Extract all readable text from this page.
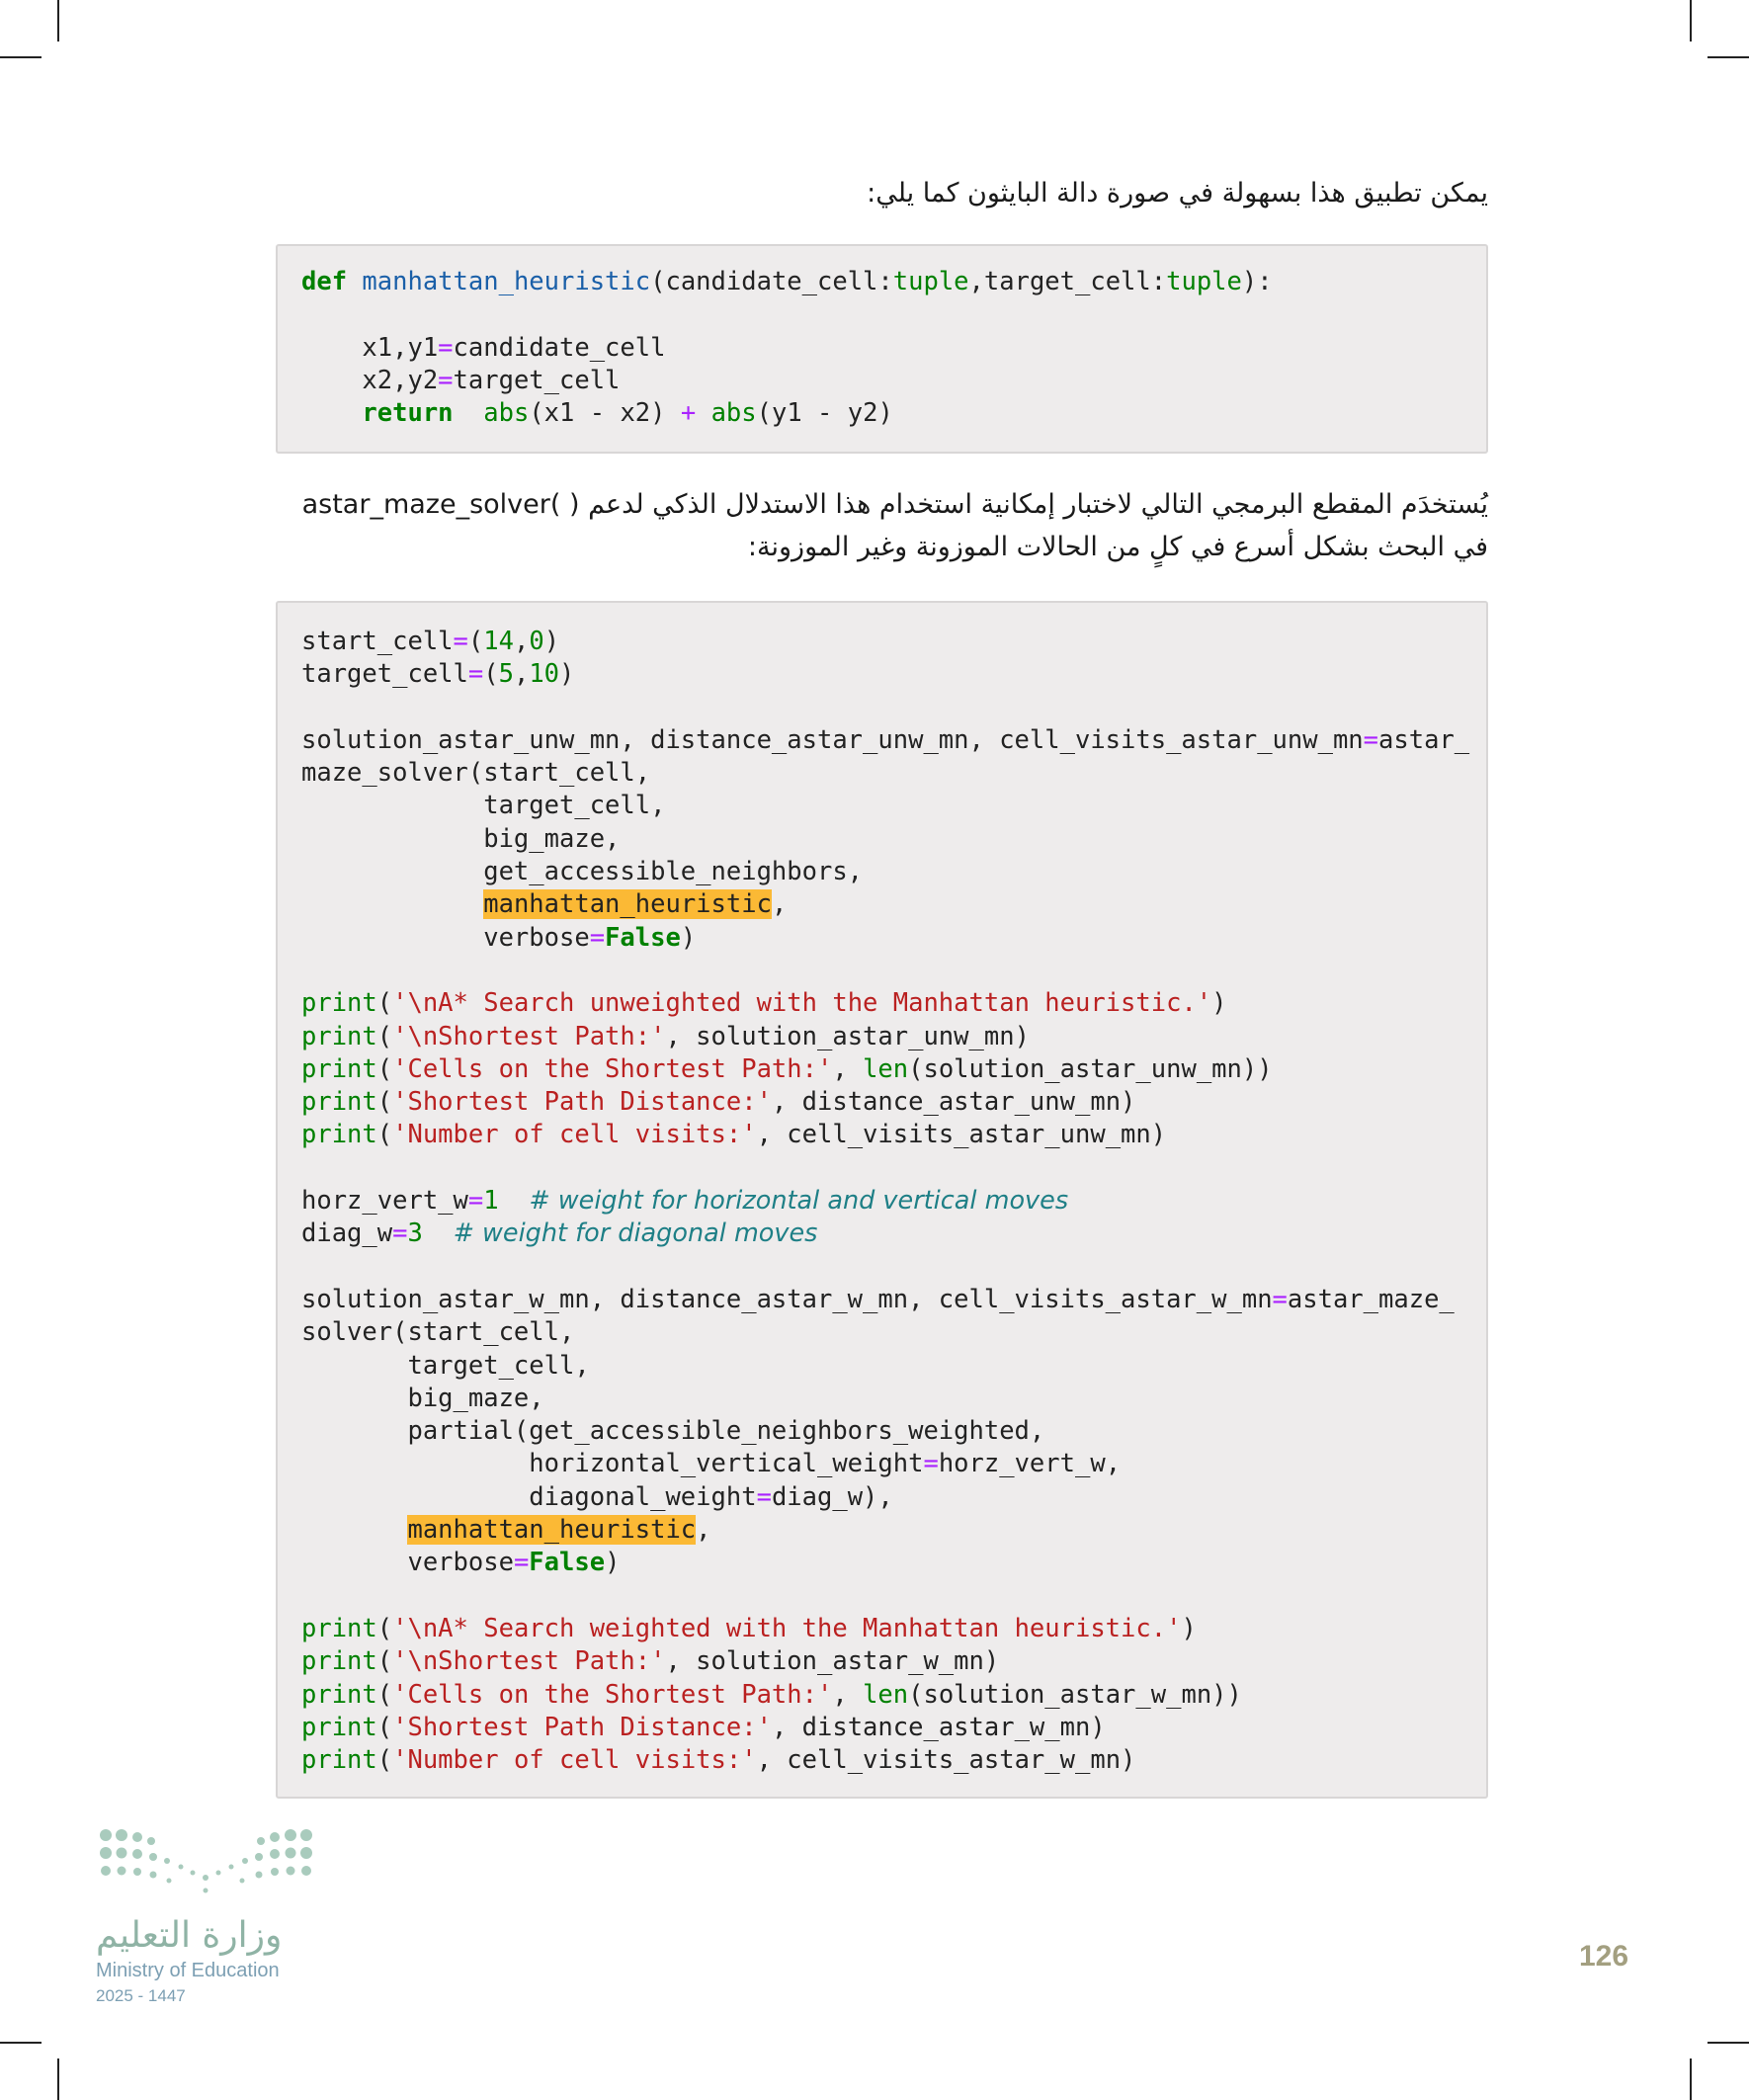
يمكن تطبيق هذا بسهولة في صورة دالة البايثون كما يلي:
def manhattan_heuristic(candidate_cell:tuple,target_cell:tuple):

x1,y1=candidate_cell
x2,y2=target_cell
return abs(x1 - x2) + abs(y1 - y2)
يُستخدَم المقطع البرمجي التالي لاختبار إمكانية استخدام هذا الاستدلال الذكي لدعم ( )astar_maze_solver
في البحث بشكل أسرع في كلٍ من الحالات الموزونة وغير الموزونة:
start_cell=(14,0)
target_cell=(5,10)

solution_astar_unw_mn, distance_astar_unw_mn, cell_visits_astar_unw_mn=astar_
maze_solver(start_cell,
target_cell,
big_maze,
get_accessible_neighbors,
manhattan_heuristic,
verbose=False)

print('\nA* Search unweighted with the Manhattan heuristic.')
print('\nShortest Path:', solution_astar_unw_mn)
print('Cells on the Shortest Path:', len(solution_astar_unw_mn))
print('Shortest Path Distance:', distance_astar_unw_mn)
print('Number of cell visits:', cell_visits_astar_unw_mn)

horz_vert_w=1 # weight for horizontal and vertical moves
diag_w=3 # weight for diagonal moves

solution_astar_w_mn, distance_astar_w_mn, cell_visits_astar_w_mn=astar_maze_
solver(start_cell,
target_cell,
big_maze,
partial(get_accessible_neighbors_weighted,
horizontal_vertical_weight=horz_vert_w,
diagonal_weight=diag_w),
manhattan_heuristic,
verbose=False)

print('\nA* Search weighted with the Manhattan heuristic.')
print('\nShortest Path:', solution_astar_w_mn)
print('Cells on the Shortest Path:', len(solution_astar_w_mn))
print('Shortest Path Distance:', distance_astar_w_mn)
print('Number of cell visits:', cell_visits_astar_w_mn)
وزارة التعليم
Ministry of Education
2025 - 1447
126
